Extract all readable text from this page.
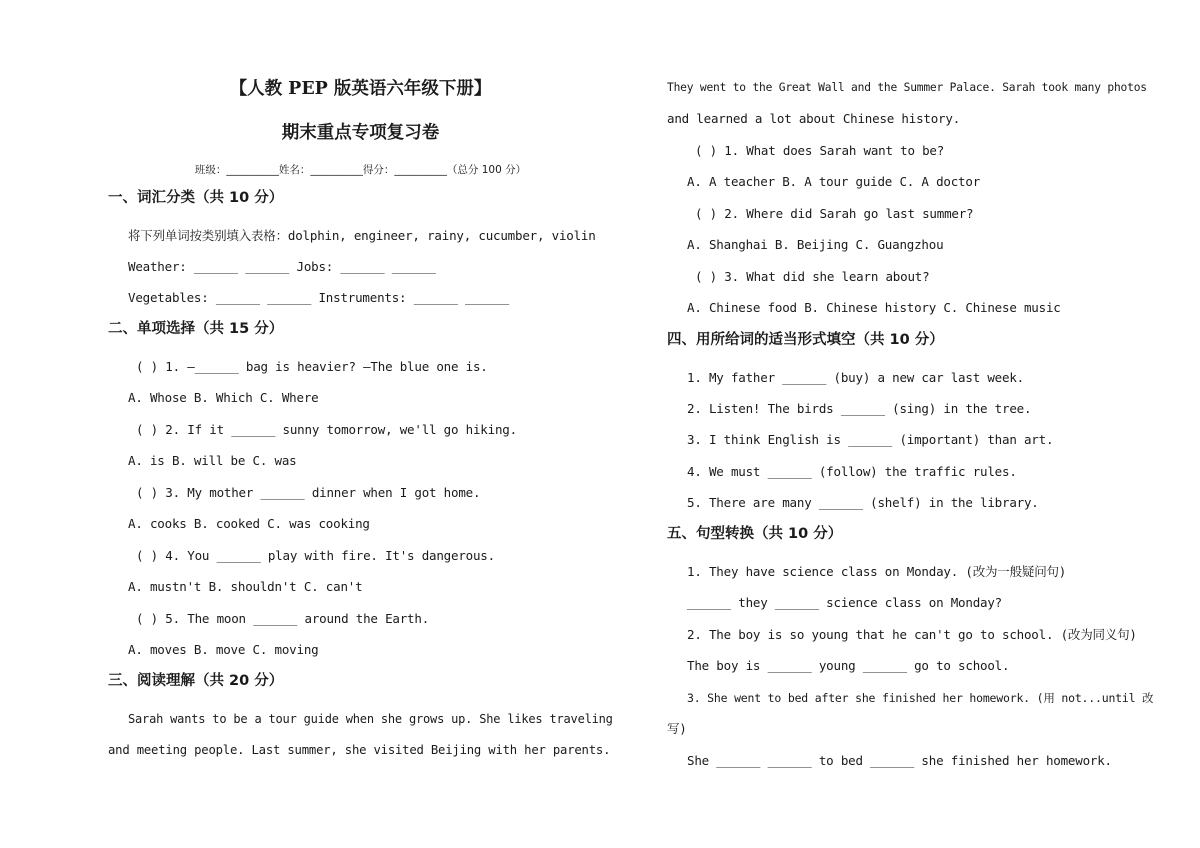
【人教 PEP 版英语六年级下册】
期末重点专项复习卷
班级：__________姓名：__________得分：__________（总分 100 分）
一、词汇分类（共 10 分）
将下列单词按类别填入表格：dolphin, engineer, rainy, cucumber, violin
Weather: ______ ______ Jobs: ______ ______
Vegetables: ______ ______ Instruments: ______ ______
二、单项选择（共 15 分）
( ) 1. —______ bag is heavier? —The blue one is.
A. Whose B. Which C. Where
( ) 2. If it ______ sunny tomorrow, we'll go hiking.
A. is B. will be C. was
( ) 3. My mother ______ dinner when I got home.
A. cooks B. cooked C. was cooking
( ) 4. You ______ play with fire. It's dangerous.
A. mustn't B. shouldn't C. can't
( ) 5. The moon ______ around the Earth.
A. moves B. move C. moving
三、阅读理解（共 20 分）
Sarah wants to be a tour guide when she grows up. She likes traveling
and meeting people. Last summer, she visited Beijing with her parents.
They went to the Great Wall and the Summer Palace. Sarah took many photos
and learned a lot about Chinese history.
( ) 1. What does Sarah want to be?
A. A teacher B. A tour guide C. A doctor
( ) 2. Where did Sarah go last summer?
A. Shanghai B. Beijing C. Guangzhou
( ) 3. What did she learn about?
A. Chinese food B. Chinese history C. Chinese music
四、用所给词的适当形式填空（共 10 分）
1. My father ______ (buy) a new car last week.
2. Listen! The birds ______ (sing) in the tree.
3. I think English is ______ (important) than art.
4. We must ______ (follow) the traffic rules.
5. There are many ______ (shelf) in the library.
五、句型转换（共 10 分）
1. They have science class on Monday. (改为一般疑问句)
______ they ______ science class on Monday?
2. The boy is so young that he can't go to school. (改为同义句)
The boy is ______ young ______ go to school.
3. She went to bed after she finished her homework. (用 not...until 改
写)
She ______ ______ to bed ______ she finished her homework.
